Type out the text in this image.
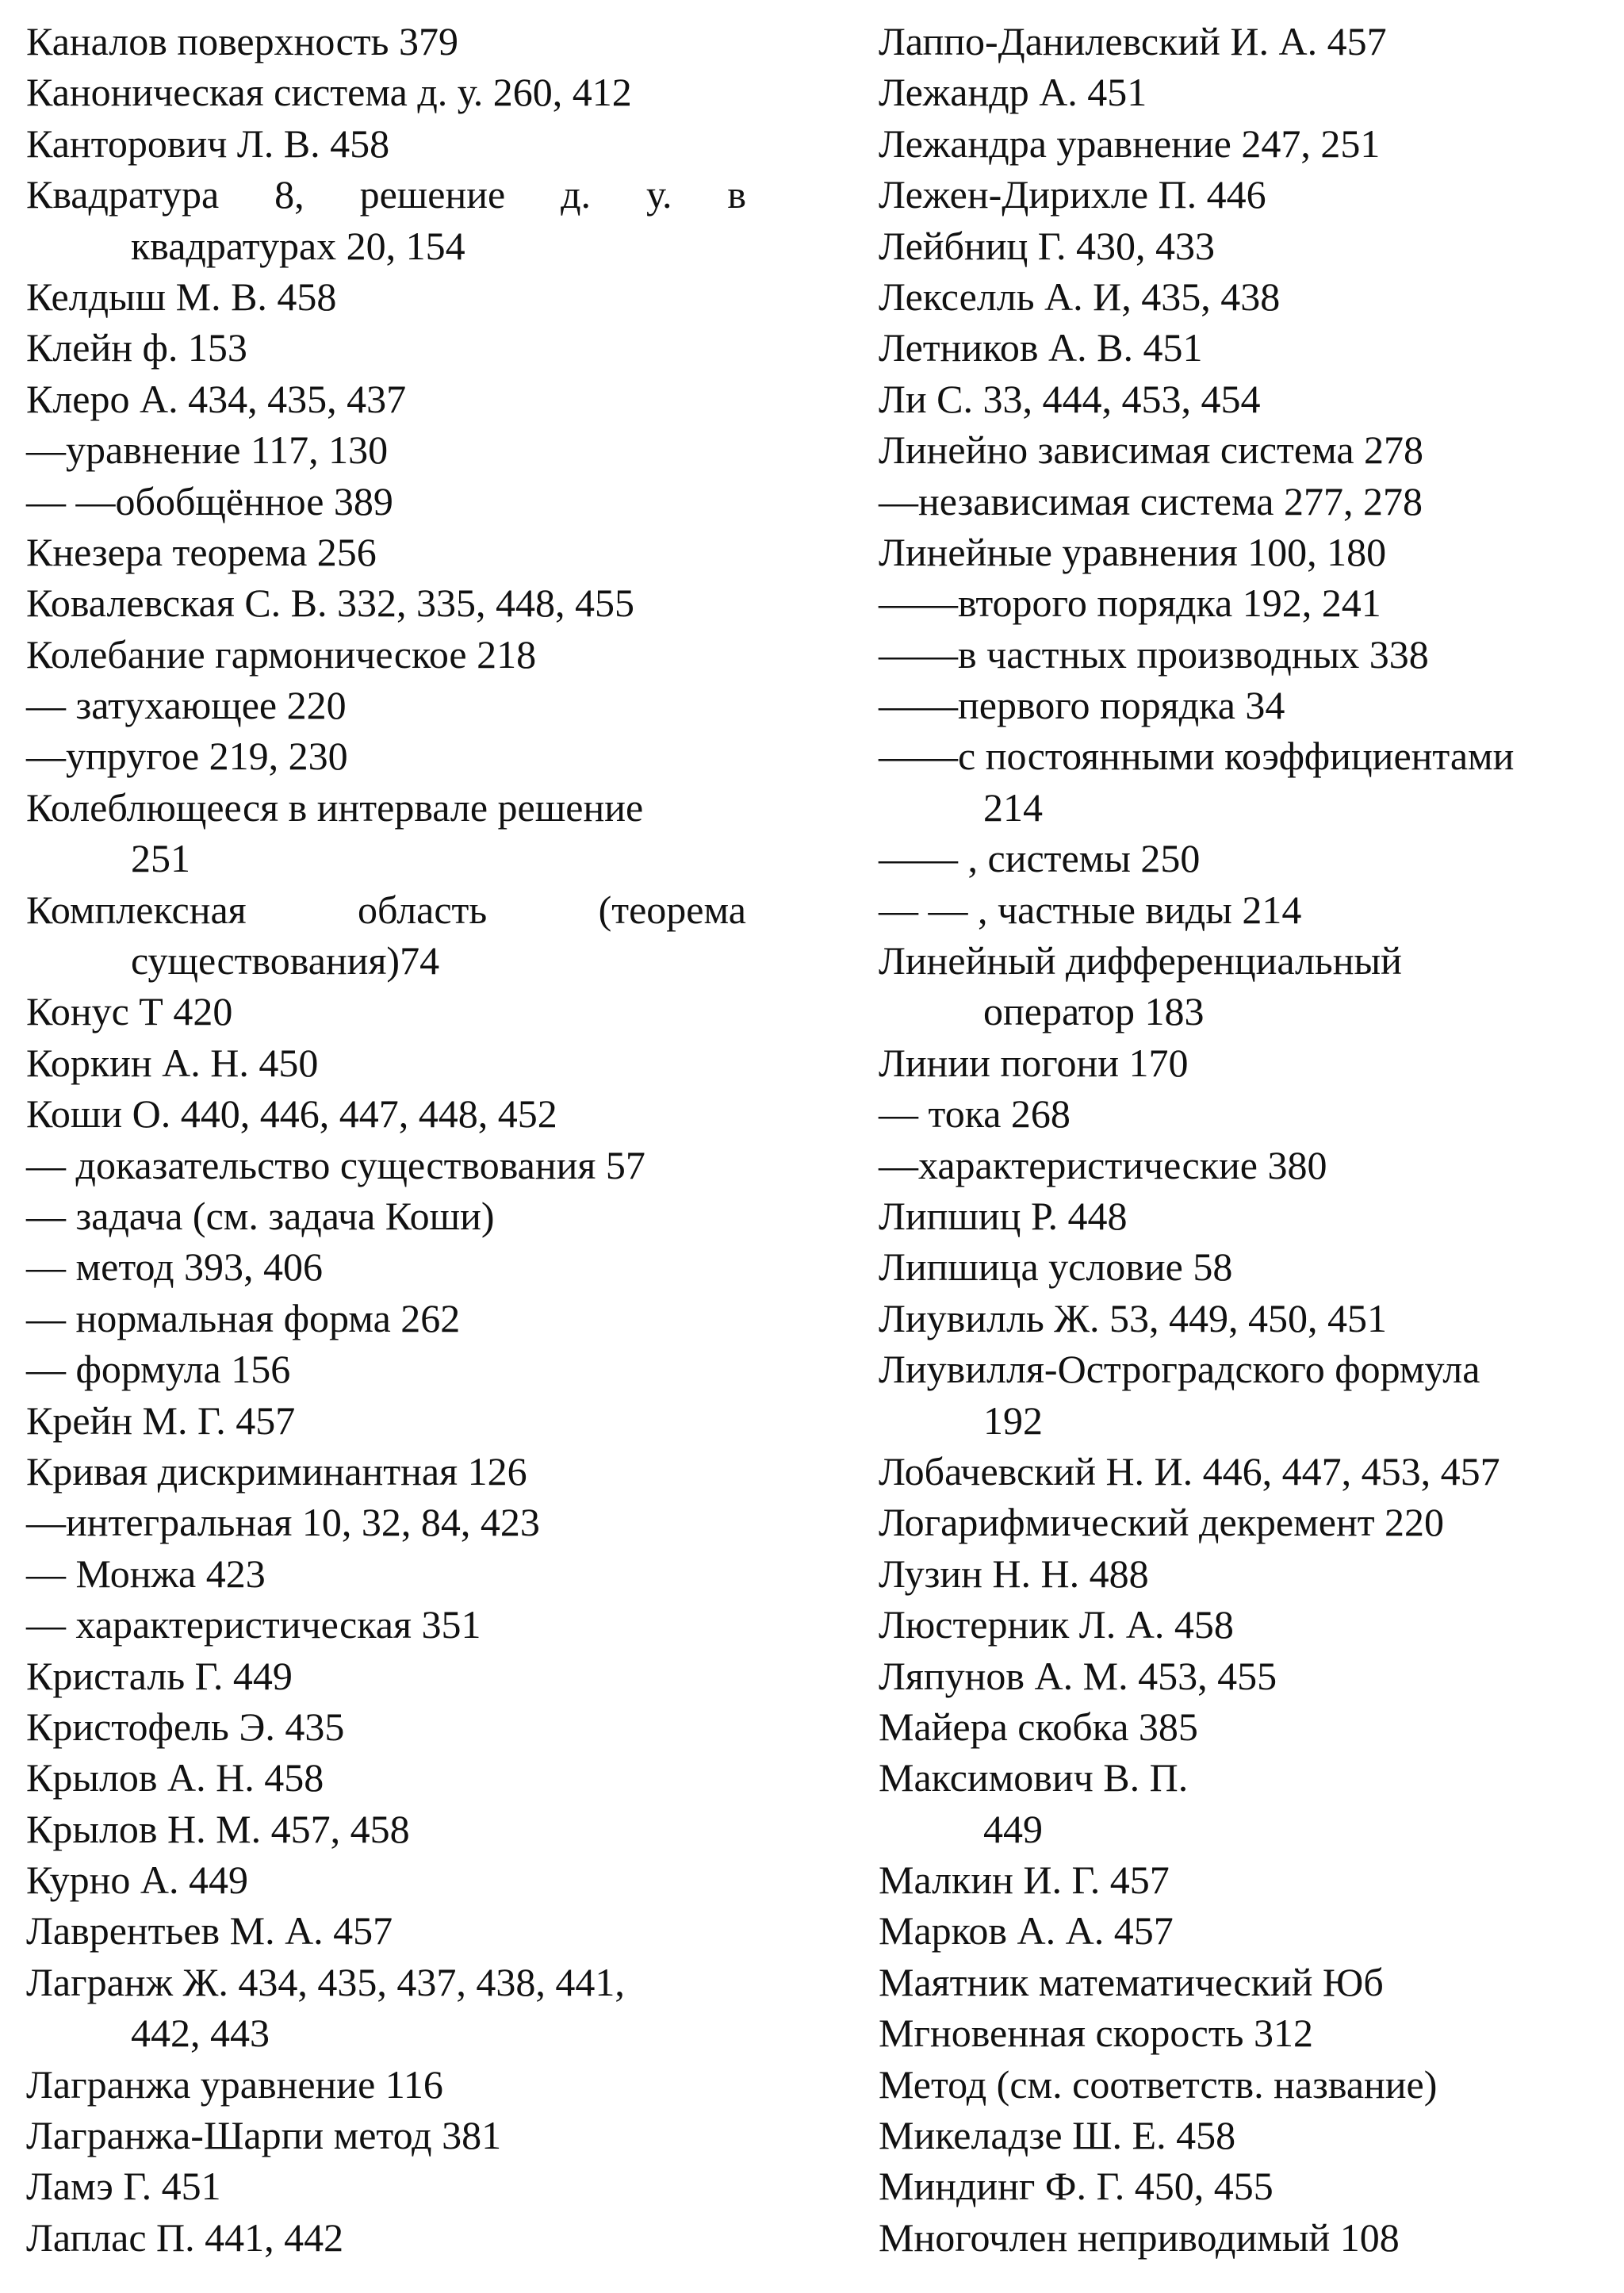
Каналов поверхность 379
Каноническая система д. у. 260, 412
Канторович Л. В. 458
Квадратура 8, решение д. у. в
квадратурах 20, 154
Келдыш М. В. 458
Клейн ф. 153
Клеро А. 434, 435, 437
—уравнение 117, 130
— —обобщённое 389
Кнезера теорема 256
Ковалевская С. В. 332, 335, 448, 455
Колебание гармоническое 218
— затухающее 220
—упругое 219, 230
Колеблющееся в интервале решение
251
Комплексная	область	(теорема
существования)74
Конус Т 420
Коркин А. Н. 450
Коши О. 440, 446, 447, 448, 452
— доказательство существования 57
— задача (см. задача Коши)
— метод 393, 406
— нормальная форма 262
— формула 156
Крейн М. Г. 457
Кривая дискриминантная 126
—интегральная 10, 32, 84, 423
— Монжа 423
— характеристическая 351
Кристаль Г. 449
Кристофель Э. 435
Крылов А. Н. 458
Крылов Н. М. 457, 458
Курно А. 449
Лаврентьев М. А. 457
Лагранж Ж. 434, 435, 437, 438, 441,
442, 443
Лагранжа уравнение 116
Лагранжа-Шарпи метод 381
Ламэ Г. 451
Лаплас П. 441, 442
Лаппо-Данилевский И. А. 457
Лежандр А. 451
Лежандра уравнение 247, 251
Лежен-Дирихле П. 446
Лейбниц Г. 430, 433
Лекселль А. И, 435, 438
Летников А. В. 451
Ли С. 33, 444, 453, 454
Линейно зависимая система 278
—независимая система 277, 278
Линейные уравнения 100, 180
——второго порядка 192, 241
——в частных производных 338
——первого порядка 34
——с постоянными коэффициентами
214
—— , системы 250
— — , частные виды 214
Линейный дифференциальный
оператор 183
Линии погони 170
— тока 268
—характеристические 380
Липшиц Р. 448
Липшица условие 58
Лиувилль Ж. 53, 449, 450, 451
Лиувилля-Остроградского формула
192
Лобачевский Н. И. 446, 447, 453, 457
Логарифмический декремент 220
Лузин Н. Н. 488
Люстерник Л. А. 458
Ляпунов А. М. 453, 455
Майера скобка 385
Максимович В. П.
449
Малкин И. Г. 457
Марков А. А. 457
Маятник математический Юб
Мгновенная скорость 312
Метод (см. соответств. название)
Микеладзе Ш. Е. 458
Миндинг Ф. Г. 450, 455
Многочлен неприводимый 108
